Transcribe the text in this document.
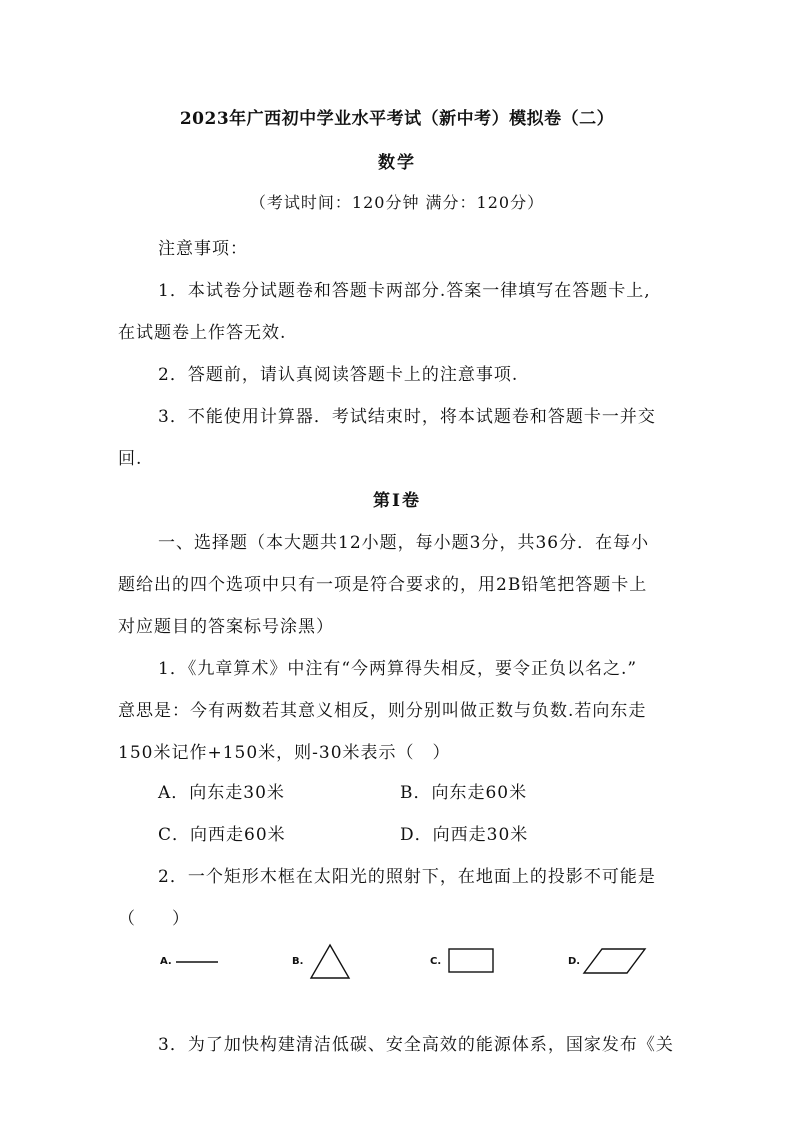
2023年广西初中学业水平考试（新中考）模拟卷（二）
数学
（考试时间：120分钟 满分：120分）
注意事项：
1．本试卷分试题卷和答题卡两部分.答案一律填写在答题卡上,
在试题卷上作答无效.
2．答题前，请认真阅读答题卡上的注意事项.
3．不能使用计算器．考试结束时，将本试题卷和答题卡一并交
回.
第Ⅰ卷
一、选择题（本大题共12小题，每小题3分，共36分．在每小
题给出的四个选项中只有一项是符合要求的，用2B铅笔把答题卡上
对应题目的答案标号涂黑）
1．《九章算术》中注有“今两算得失相反，要令正负以名之.”
意思是：今有两数若其意义相反，则分别叫做正数与负数.若向东走
150米记作+150米，则-30米表示（　）
A．向东走30米	B．向东走60米
C．向西走60米	D．向西走30米
2．一个矩形木框在太阳光的照射下，在地面上的投影不可能是
（　　）
A.	B.	C.	D.
3．为了加快构建清洁低碳、安全高效的能源体系，国家发布《关
